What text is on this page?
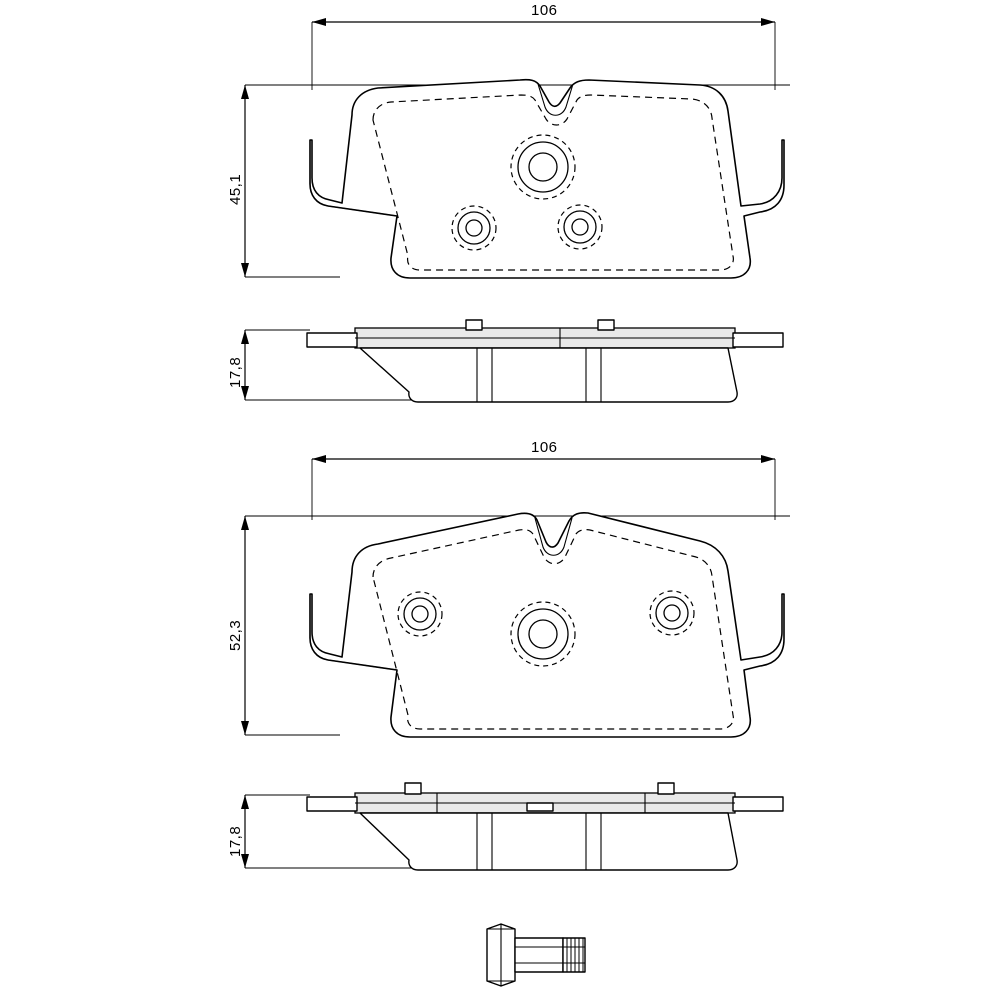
106
45,1
17,8
106
52,3
17,8
